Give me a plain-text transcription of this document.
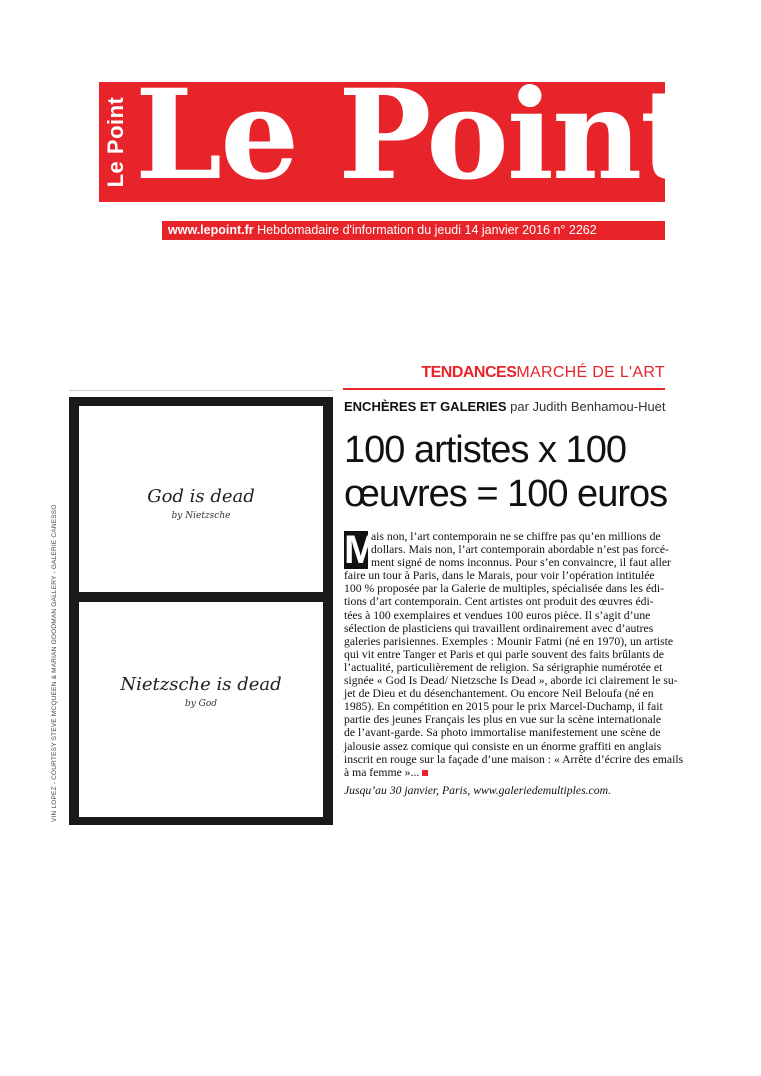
Le Point Le Point
www.lepoint.fr Hebdomadaire d'information du jeudi 14 janvier 2016 n° 2262
TENDANCESMARCHÉ DE L'ART
ENCHÈRES ET GALERIES par Judith Benhamou-Huet
100 artistes x 100
œuvres = 100 euros
God is dead
by Nietzsche
Nietzsche is dead
by God
VIN LOPEZ - COURTESY STEVE MCQUEEN & MARIAN GOODMAN GALLERY - GALERIE CANESSO	M
ais non, l’art contemporain ne se chiffre pas qu’en millions de
dollars. Mais non, l’art contemporain abordable n’est pas forcé-
ment signé de noms inconnus. Pour s’en convaincre, il faut aller
faire un tour à Paris, dans le Marais, pour voir l’opération intitulée
100 % proposée par la Galerie de multiples, spécialisée dans les édi-
tions d’art contemporain. Cent artistes ont produit des œuvres édi-
tées à 100 exemplaires et vendues 100 euros pièce. Il s’agit d’une
sélection de plasticiens qui travaillent ordinairement avec d’autres
galeries parisiennes. Exemples : Mounir Fatmi (né en 1970), un artiste
qui vit entre Tanger et Paris et qui parle souvent des faits brûlants de
l’actualité, particulièrement de religion. Sa sérigraphie numérotée et
signée « God Is Dead/ Nietzsche Is Dead », aborde ici clairement le su-
jet de Dieu et du désenchantement. Ou encore Neil Beloufa (né en
1985). En compétition en 2015 pour le prix Marcel-Duchamp, il fait
partie des jeunes Français les plus en vue sur la scène internationale
de l’avant-garde. Sa photo immortalise manifestement une scène de
jalousie assez comique qui consiste en un énorme graffiti en anglais
inscrit en rouge sur la façade d’une maison : « Arrête d’écrire des emails
à ma femme »...
Jusqu’au 30 janvier, Paris, www.galeriedemultiples.com.
